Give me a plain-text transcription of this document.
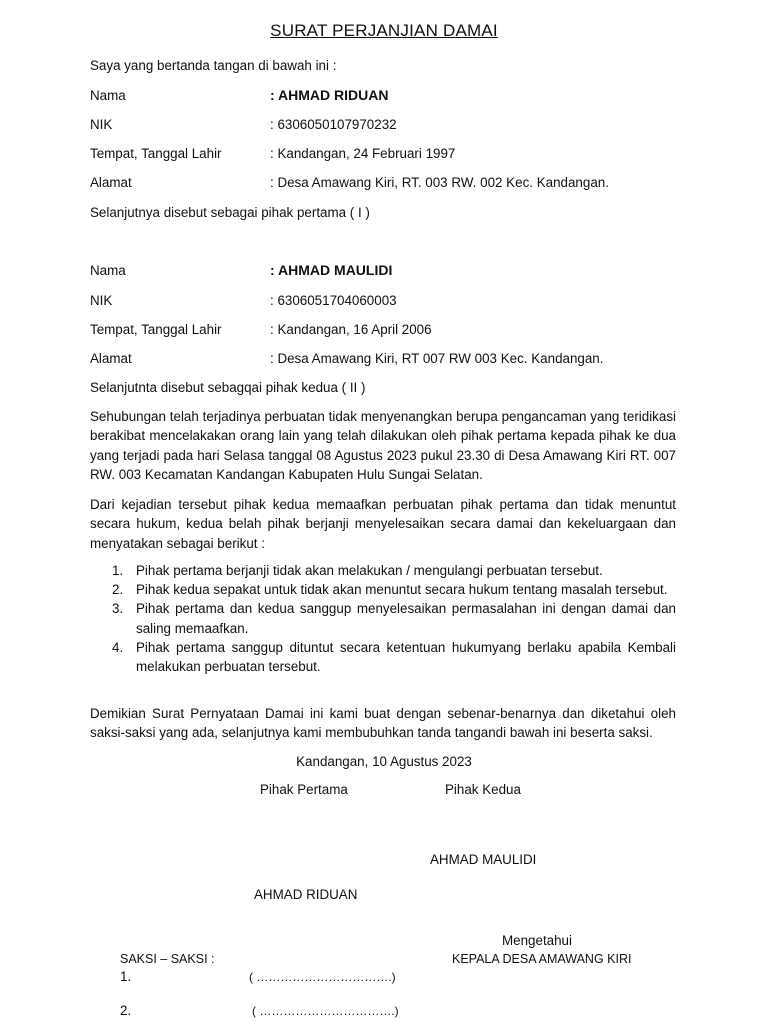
SURAT PERJANJIAN DAMAI
Saya yang bertanda tangan di bawah ini :
Nama	: AHMAD RIDUAN
NIK	: 6306050107970232
Tempat, Tanggal Lahir	: Kandangan, 24 Februari 1997
Alamat	: Desa Amawang Kiri, RT. 003 RW. 002 Kec. Kandangan.
Selanjutnya disebut sebagai pihak pertama ( I )
Nama	: AHMAD MAULIDI
NIK	: 6306051704060003
Tempat, Tanggal Lahir	: Kandangan, 16 April 2006
Alamat	: Desa Amawang Kiri, RT 007 RW 003 Kec. Kandangan.
Selanjutnta disebut sebagqai pihak kedua ( II )

Sehubungan telah terjadinya perbuatan tidak menyenangkan berupa pengancaman yang teridikasi berakibat mencelakakan orang lain yang telah dilakukan oleh pihak pertama kepada pihak ke dua yang terjadi pada hari Selasa tanggal 08 Agustus 2023 pukul 23.30 di Desa Amawang Kiri RT. 007 RW. 003 Kecamatan Kandangan Kabupaten Hulu Sungai Selatan.

Dari kejadian tersebut pihak kedua memaafkan perbuatan pihak pertama dan tidak menuntut secara hukum, kedua belah pihak berjanji menyelesaikan secara damai dan kekeluargaan dan menyatakan sebagai berikut :

1. Pihak pertama berjanji tidak akan melakukan / mengulangi perbuatan tersebut.
2. Pihak kedua sepakat untuk tidak akan menuntut secara hukum tentang masalah tersebut.
3. Pihak pertama dan kedua sanggup menyelesaikan permasalahan ini dengan damai dan saling memaafkan.
4. Pihak pertama sanggup dituntut secara ketentuan hukumyang berlaku apabila Kembali melakukan perbuatan tersebut.

Demikian Surat Pernyataan Damai ini kami buat dengan sebenar-benarnya dan diketahui oleh saksi-saksi yang ada, selanjutnya kami membubuhkan tanda tangandi bawah ini beserta saksi.

Kandangan, 10 Agustus 2023
Pihak Pertama	Pihak Kedua
AHMAD MAULIDI
AHMAD RIDUAN
Mengetahui
SAKSI – SAKSI :	KEPALA DESA AMAWANG KIRI
1.	( …………………………….)
2.	( …………………………….)
